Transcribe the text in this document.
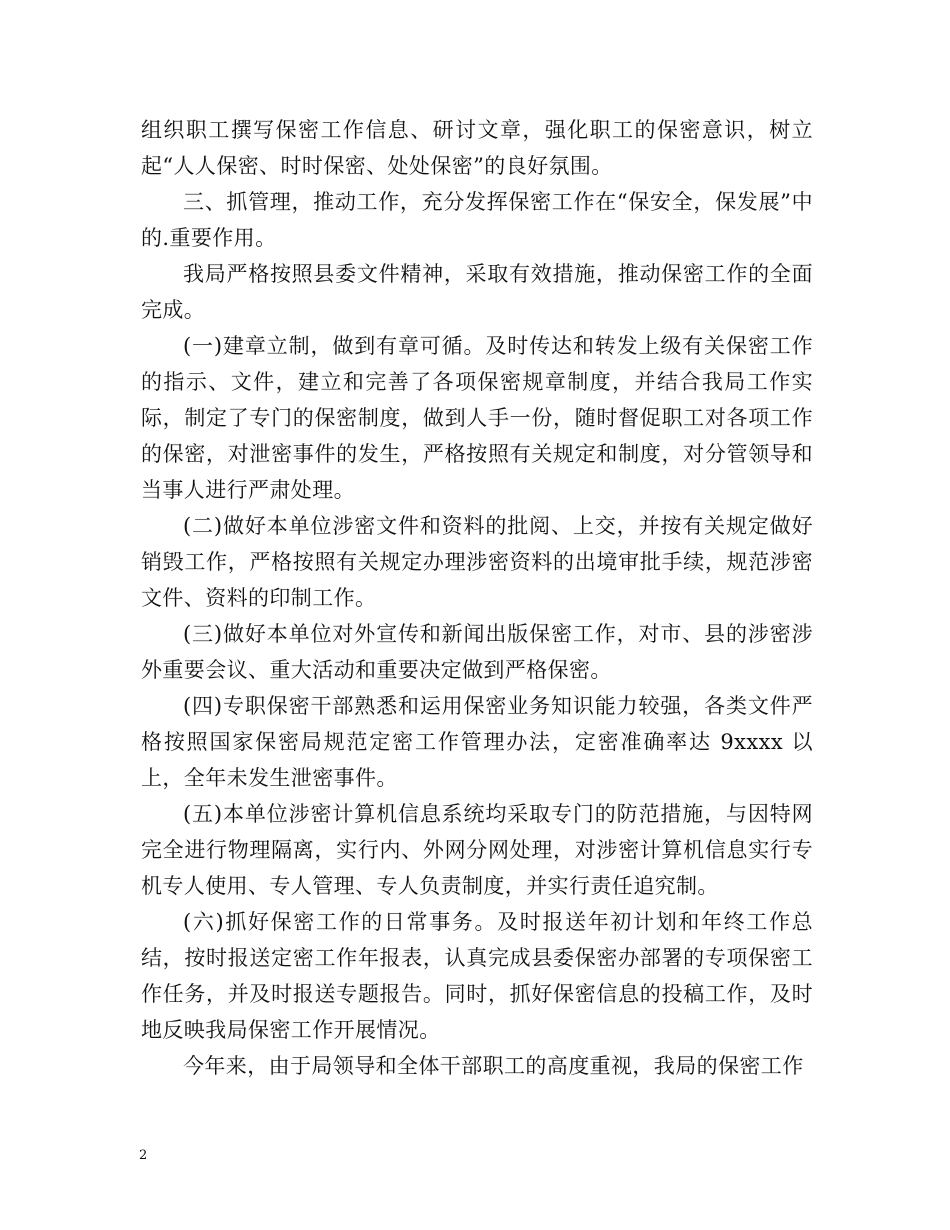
组织职工撰写保密工作信息、研讨文章，强化职工的保密意识，树立起“人人保密、时时保密、处处保密”的良好氛围。

三、抓管理，推动工作，充分发挥保密工作在“保安全，保发展”中的.重要作用。

我局严格按照县委文件精神，采取有效措施，推动保密工作的全面完成。

(一)建章立制，做到有章可循。及时传达和转发上级有关保密工作的指示、文件，建立和完善了各项保密规章制度，并结合我局工作实际，制定了专门的保密制度，做到人手一份，随时督促职工对各项工作的保密，对泄密事件的发生，严格按照有关规定和制度，对分管领导和当事人进行严肃处理。

(二)做好本单位涉密文件和资料的批阅、上交，并按有关规定做好销毁工作，严格按照有关规定办理涉密资料的出境审批手续，规范涉密文件、资料的印制工作。

(三)做好本单位对外宣传和新闻出版保密工作，对市、县的涉密涉外重要会议、重大活动和重要决定做到严格保密。

(四)专职保密干部熟悉和运用保密业务知识能力较强，各类文件严格按照国家保密局规范定密工作管理办法，定密准确率达 9xxxx 以上，全年未发生泄密事件。

(五)本单位涉密计算机信息系统均采取专门的防范措施，与因特网完全进行物理隔离，实行内、外网分网处理，对涉密计算机信息实行专机专人使用、专人管理、专人负责制度，并实行责任追究制。

(六)抓好保密工作的日常事务。及时报送年初计划和年终工作总结，按时报送定密工作年报表，认真完成县委保密办部署的专项保密工作任务，并及时报送专题报告。同时，抓好保密信息的投稿工作，及时地反映我局保密工作开展情况。

今年来，由于局领导和全体干部职工的高度重视，我局的保密工作

2
